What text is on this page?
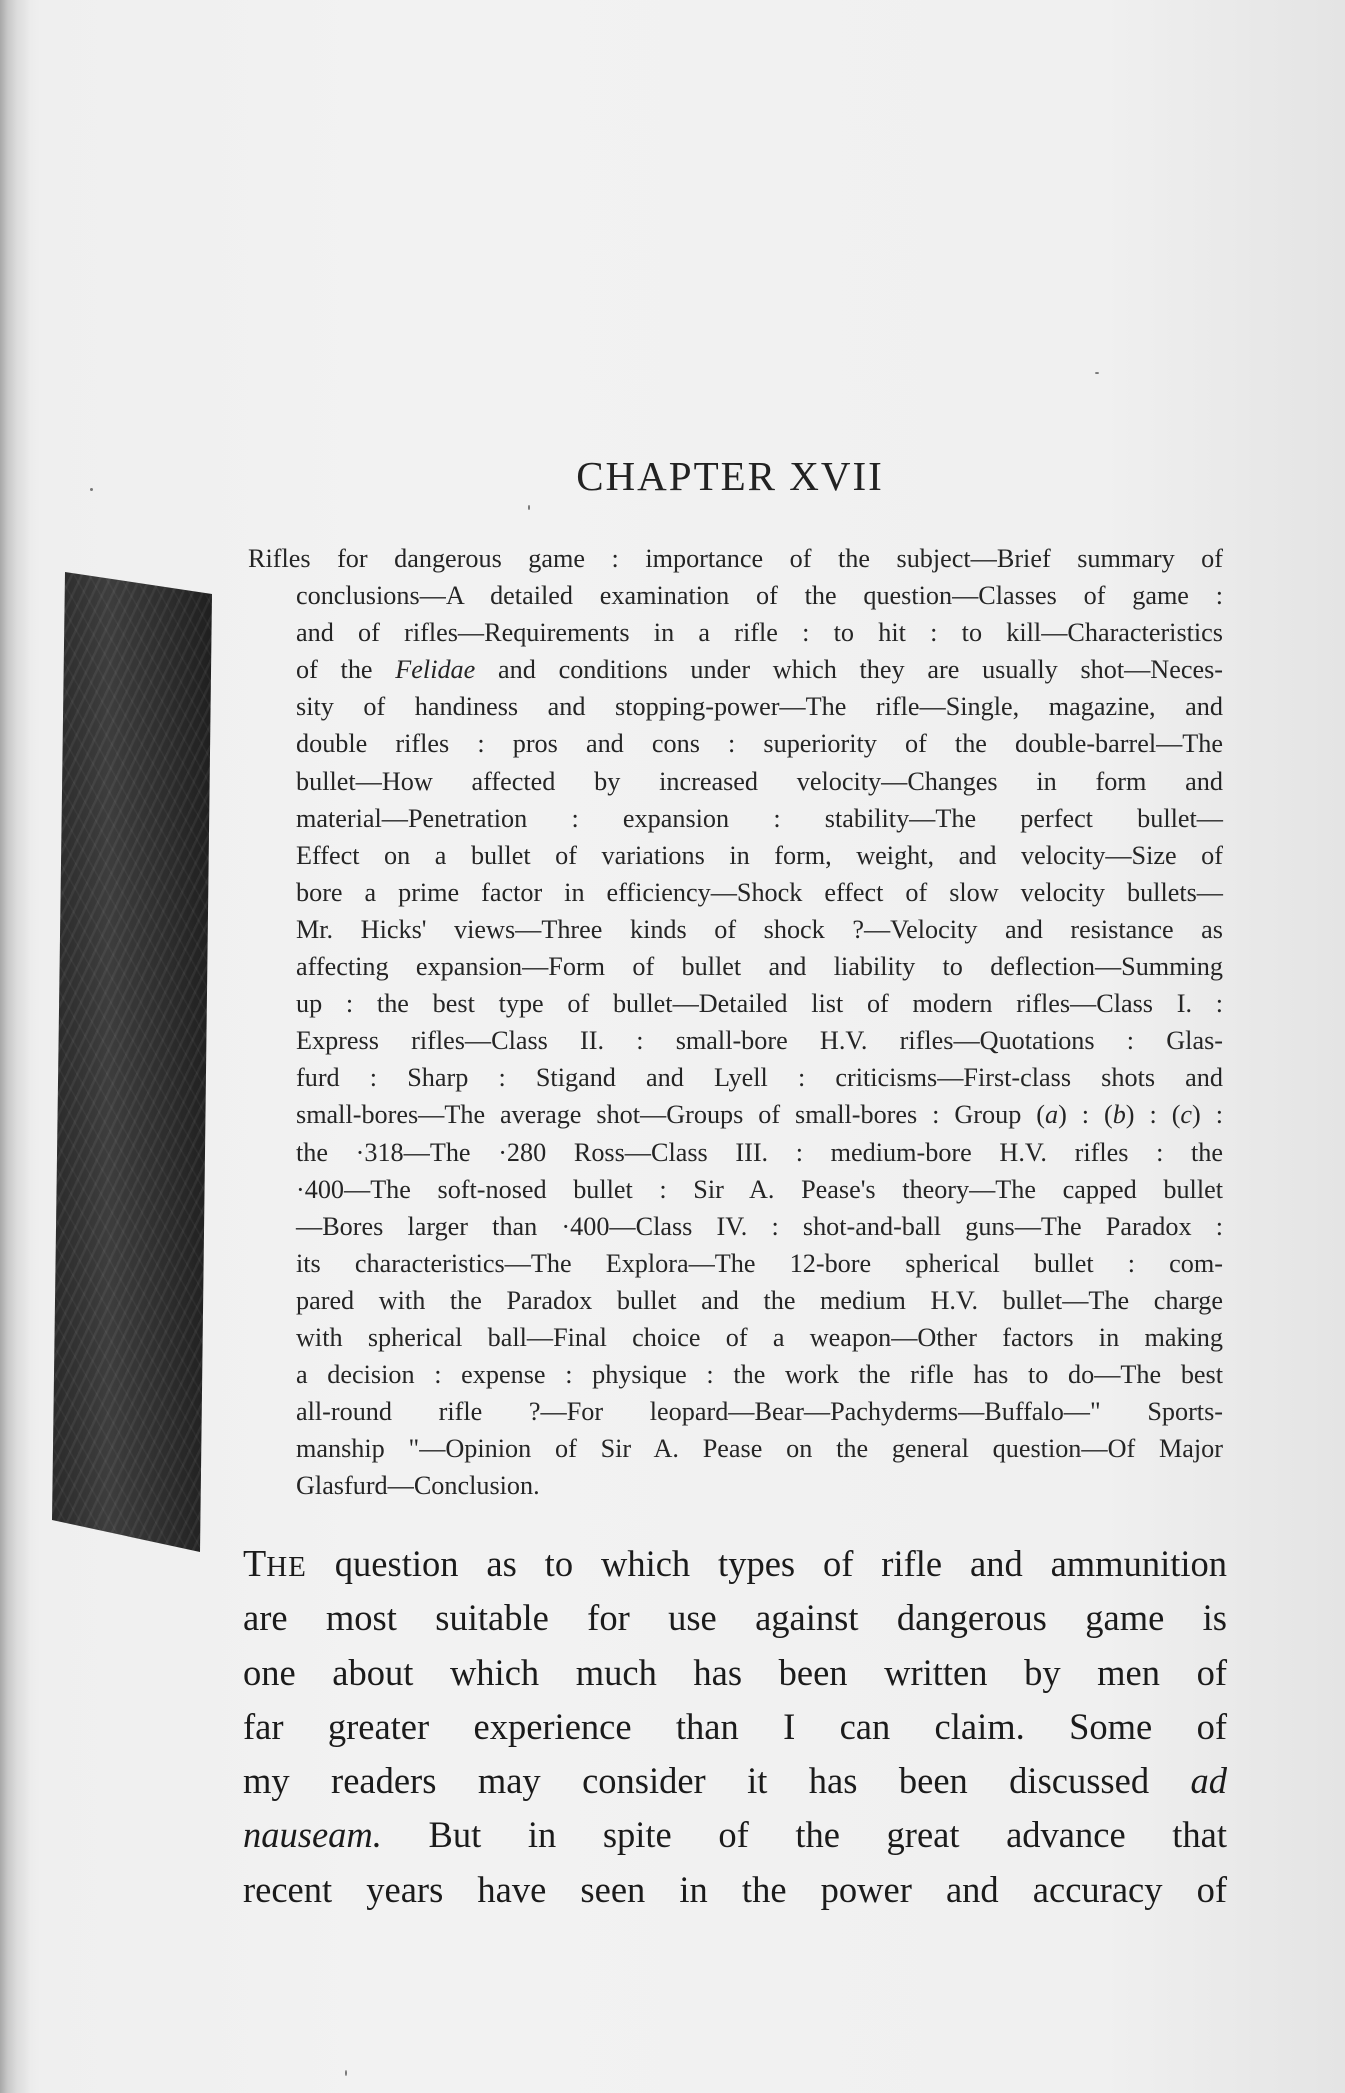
CHAPTER XVII
Rifles for dangerous game : importance of the subject—Brief summary of
conclusions—A detailed examination of the question—Classes of game :
and of rifles—Requirements in a rifle : to hit : to kill—Characteristics
of the Felidae and conditions under which they are usually shot—Neces-
sity of handiness and stopping-power—The rifle—Single, magazine, and
double rifles : pros and cons : superiority of the double-barrel—The
bullet—How affected by increased velocity—Changes in form and
material—Penetration : expansion : stability—The perfect bullet—
Effect on a bullet of variations in form, weight, and velocity—Size of
bore a prime factor in efficiency—Shock effect of slow velocity bullets—
Mr. Hicks' views—Three kinds of shock ?—Velocity and resistance as
affecting expansion—Form of bullet and liability to deflection—Summing
up : the best type of bullet—Detailed list of modern rifles—Class I. :
Express rifles—Class II. : small-bore H.V. rifles—Quotations : Glas-
furd : Sharp : Stigand and Lyell : criticisms—First-class shots and
small-bores—The average shot—Groups of small-bores : Group (a) : (b) : (c) :
the ·318—The ·280 Ross—Class III. : medium-bore H.V. rifles : the
·400—The soft-nosed bullet : Sir A. Pease's theory—The capped bullet
—Bores larger than ·400—Class IV. : shot-and-ball guns—The Paradox :
its characteristics—The Explora—The 12-bore spherical bullet : com-
pared with the Paradox bullet and the medium H.V. bullet—The charge
with spherical ball—Final choice of a weapon—Other factors in making
a decision : expense : physique : the work the rifle has to do—The best
all-round rifle ?—For leopard—Bear—Pachyderms—Buffalo—" Sports-
manship "—Opinion of Sir A. Pease on the general question—Of Major
Glasfurd—Conclusion.
THE question as to which types of rifle and ammunition
are most suitable for use against dangerous game is
one about which much has been written by men of
far greater experience than I can claim. Some of
my readers may consider it has been discussed ad
nauseam. But in spite of the great advance that
recent years have seen in the power and accuracy of
